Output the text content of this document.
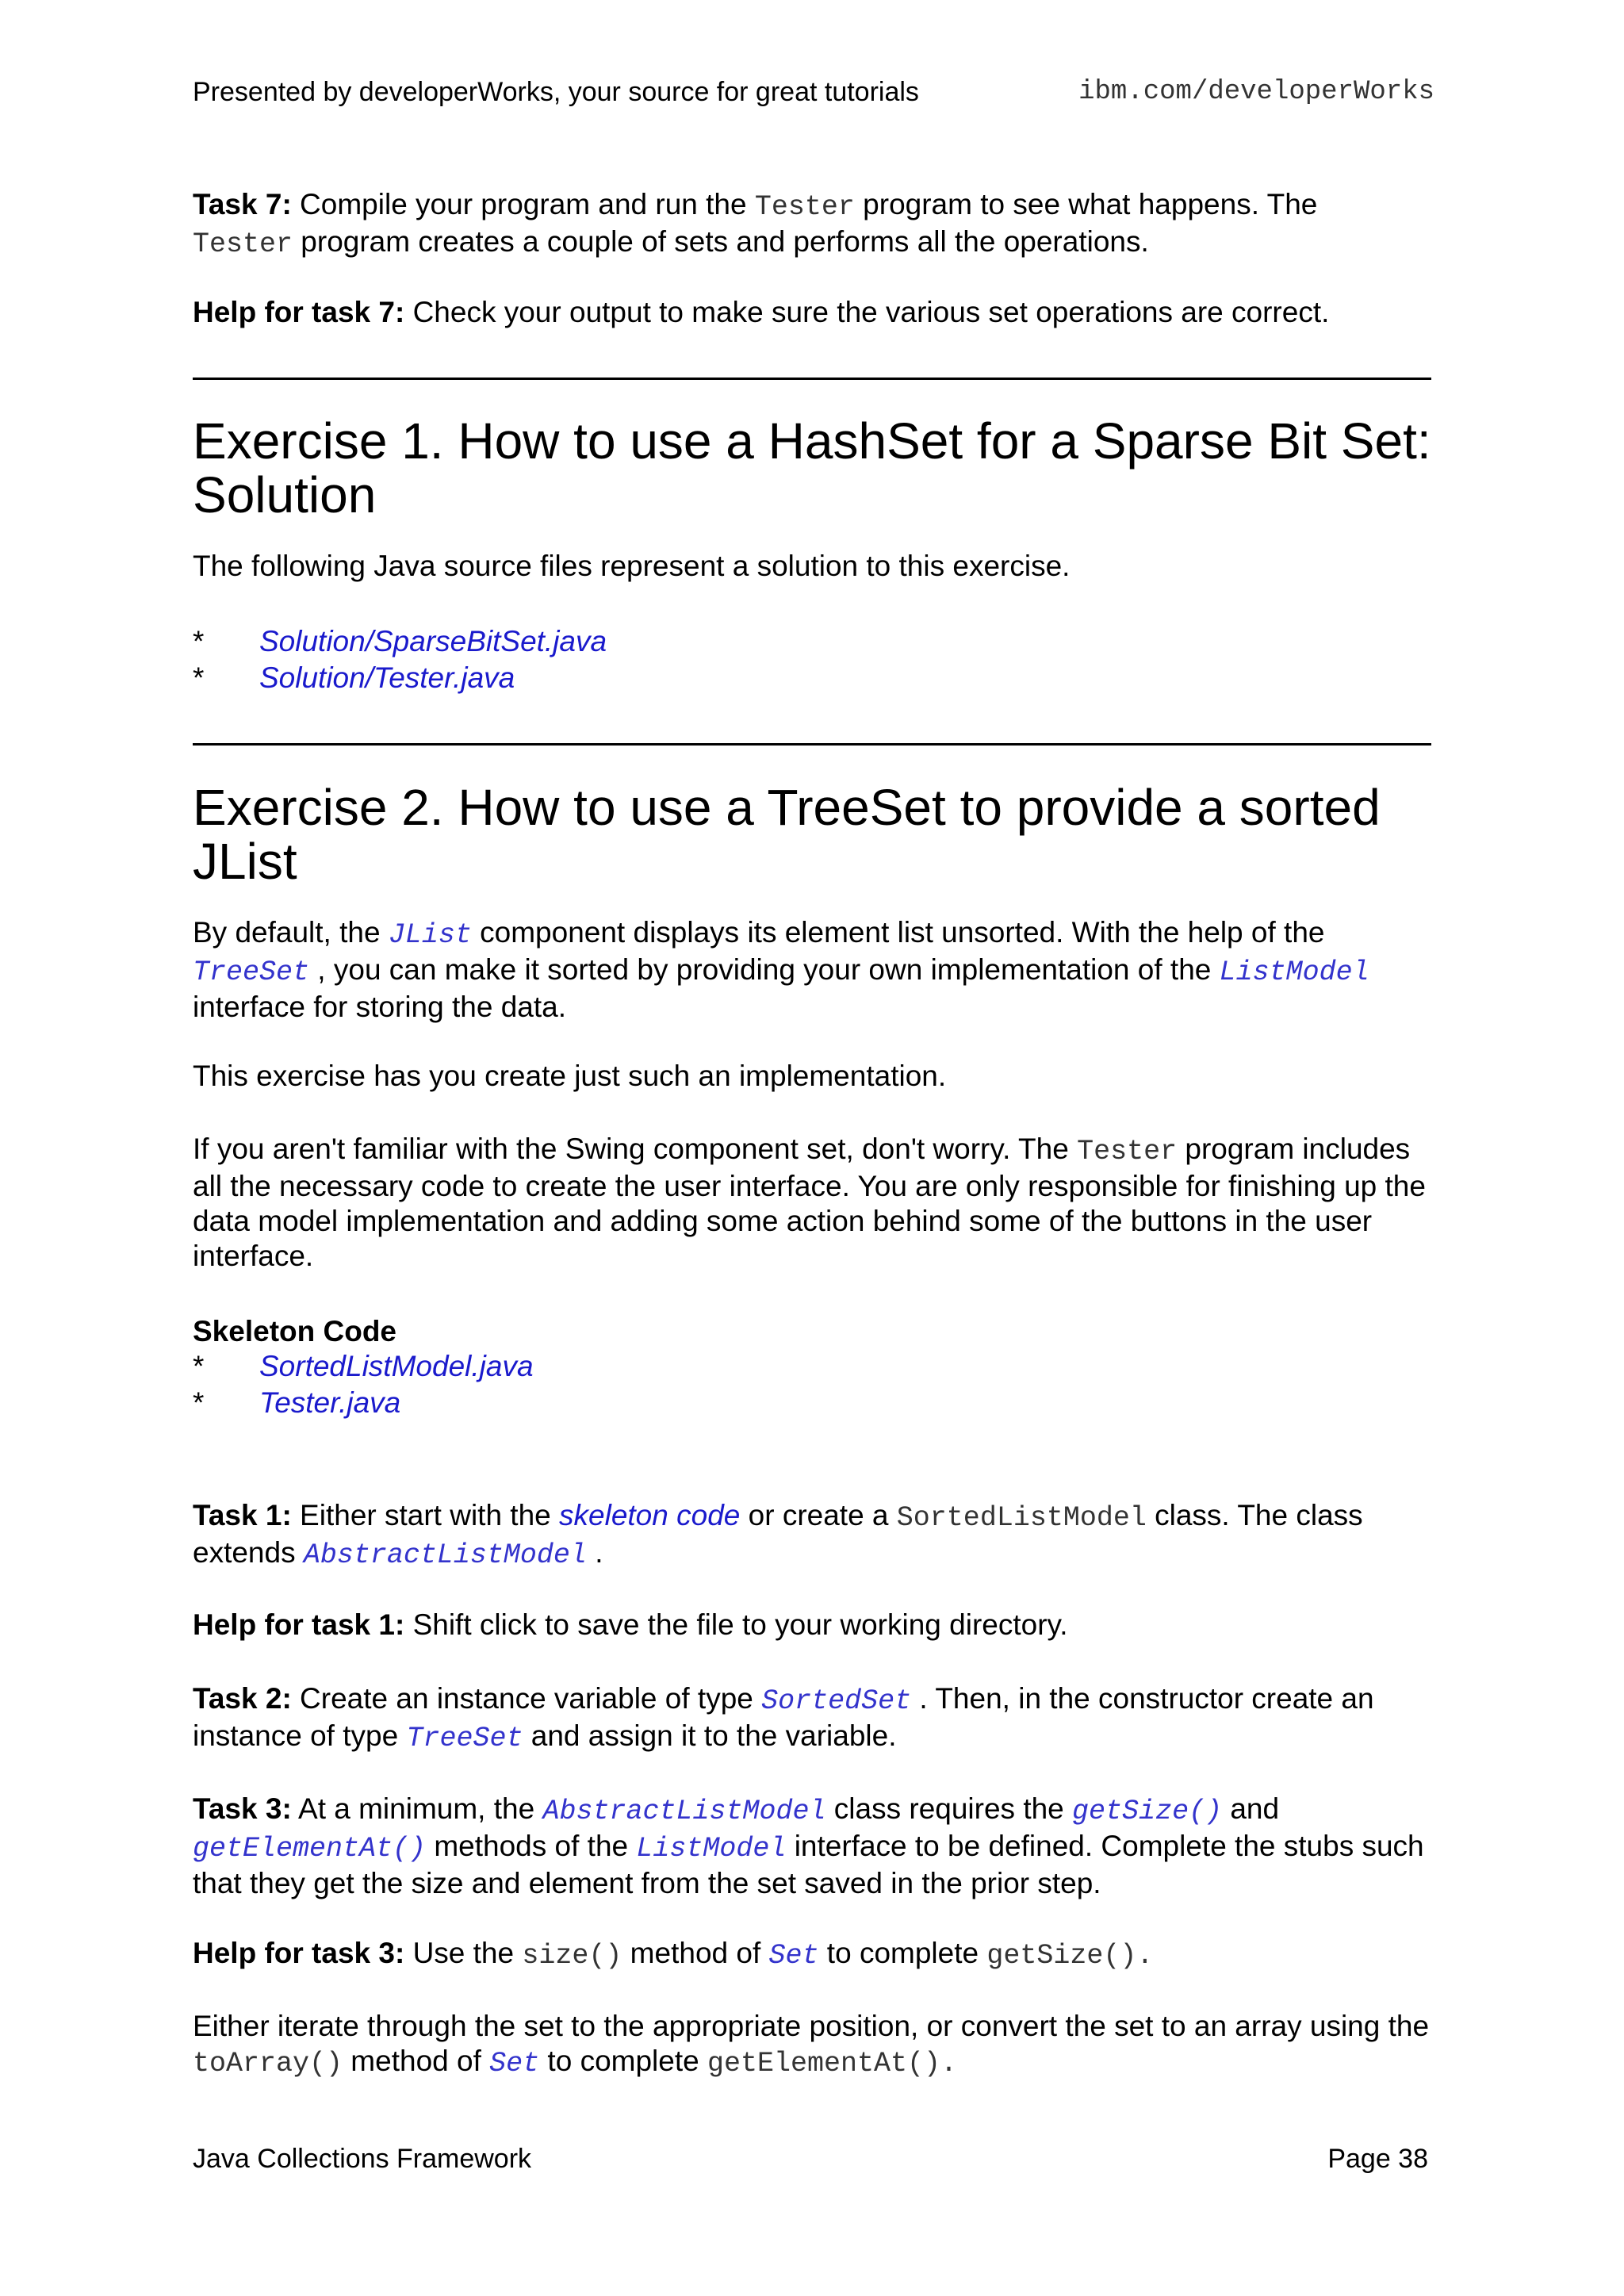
Presented by developerWorks, your source for great tutorials	ibm.com/developerWorks

Task 7: Compile your program and run the Tester program to see what happens. The
Tester program creates a couple of sets and performs all the operations.

Help for task 7: Check your output to make sure the various set operations are correct.

Exercise 1. How to use a HashSet for a Sparse Bit Set: Solution

The following Java source files represent a solution to this exercise.

* Solution/SparseBitSet.java
* Solution/Tester.java
Exercise 2. How to use a TreeSet to provide a sorted JList

By default, the JList component displays its element list unsorted. With the help of the
TreeSet , you can make it sorted by providing your own implementation of the ListModel
interface for storing the data.

This exercise has you create just such an implementation.

If you aren't familiar with the Swing component set, don't worry. The Tester program includes all the necessary code to create the user interface. You are only responsible for finishing up the data model implementation and adding some action behind some of the buttons in the user interface.

Skeleton Code

* SortedListModel.java
* Tester.java

Task 1: Either start with the skeleton code or create a SortedListModel class. The class extends AbstractListModel .

Help for task 1: Shift click to save the file to your working directory.

Task 2: Create an instance variable of type SortedSet . Then, in the constructor create an instance of type TreeSet and assign it to the variable.

Task 3: At a minimum, the AbstractListModel class requires the getSize() and
getElementAt() methods of the ListModel interface to be defined. Complete the stubs such that they get the size and element from the set saved in the prior step.

Help for task 3: Use the size() method of Set to complete getSize().

Either iterate through the set to the appropriate position, or convert the set to an array using the toArray() method of Set to complete getElementAt().

Java Collections Framework	Page 38
